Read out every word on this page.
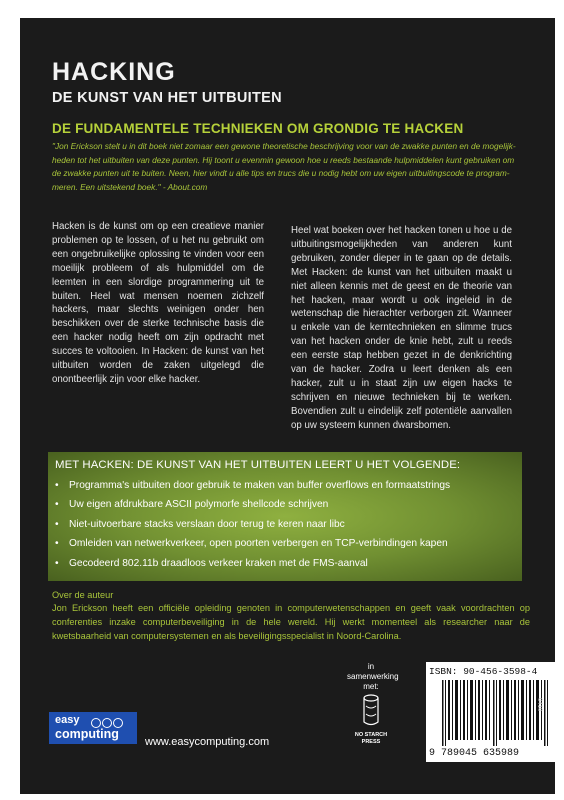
HACKING
DE KUNST VAN HET UITBUITEN
DE FUNDAMENTELE TECHNIEKEN OM GRONDIG TE HACKEN
"Jon Erickson stelt u in dit boek niet zomaar een gewone theoretische beschrijving voor van de zwakke punten en de mogelijk-
heden tot het uitbuiten van deze punten. Hij toont u evenmin gewoon hoe u reeds bestaande hulpmiddelen kunt gebruiken om
de zwakke punten uit te buiten. Neen, hier vindt u alle tips en trucs die u nodig hebt om uw eigen uitbuitingscode te program-
meren. Een uitstekend boek." - About.com
Hacken is de kunst om op een creatieve manier problemen op te lossen, of u het nu gebruikt om een ongebruikelijke oplossing te vinden voor een moeilijk probleem of als hulpmiddel om de leemten in een slordige programmering uit te buiten. Heel wat mensen noemen zichzelf hackers, maar slechts weinigen onder hen beschikken over de sterke technische basis die een hacker nodig heeft om zijn opdracht met succes te voltooien. In Hacken: de kunst van het uitbuiten worden de zaken uitgelegd die onontbeerlijk zijn voor elke hacker.
Heel wat boeken over het hacken tonen u hoe u de uitbuitingsmogelijkheden van anderen kunt gebruiken, zonder dieper in te gaan op de details. Met Hacken: de kunst van het uitbuiten maakt u niet alleen kennis met de geest en de theorie van het hacken, maar wordt u ook ingeleid in de wetenschap die hierachter verborgen zit. Wanneer u enkele van de kerntechnieken en slimme trucs van het hacken onder de knie hebt, zult u reeds een eerste stap hebben gezet in de denkrichting van de hacker. Zodra u leert denken als een hacker, zult u in staat zijn uw eigen hacks te schrijven en nieuwe technieken bij te werken. Bovendien zult u eindelijk zelf potentiële aanvallen op uw systeem kunnen dwarsbomen.
MET HACKEN: DE KUNST VAN HET UITBUITEN LEERT U HET VOLGENDE:
• Programma's uitbuiten door gebruik te maken van buffer overflows en formaatstrings
• Uw eigen afdrukbare ASCII polymorfe shellcode schrijven
• Niet-uitvoerbare stacks verslaan door terug te keren naar libc
• Omleiden van netwerkverkeer, open poorten verbergen en TCP-verbindingen kapen
• Gecodeerd 802.11b draadloos verkeer kraken met de FMS-aanval
Over de auteur
Jon Erickson heeft een officiële opleiding genoten in computerwetenschappen en geeft vaak voordrachten op conferenties inzake computerbeveiliging in de hele wereld. Hij werkt momenteel als researcher naar de kwetsbaarheid van computersystemen en als beveiligingsspecialist in Noord-Carolina.
easy
computing
www.easycomputing.com
in samenwerking met:
NO STARCH PRESS
ISBN: 90-456-3598-4
9 789045 635989
0410
